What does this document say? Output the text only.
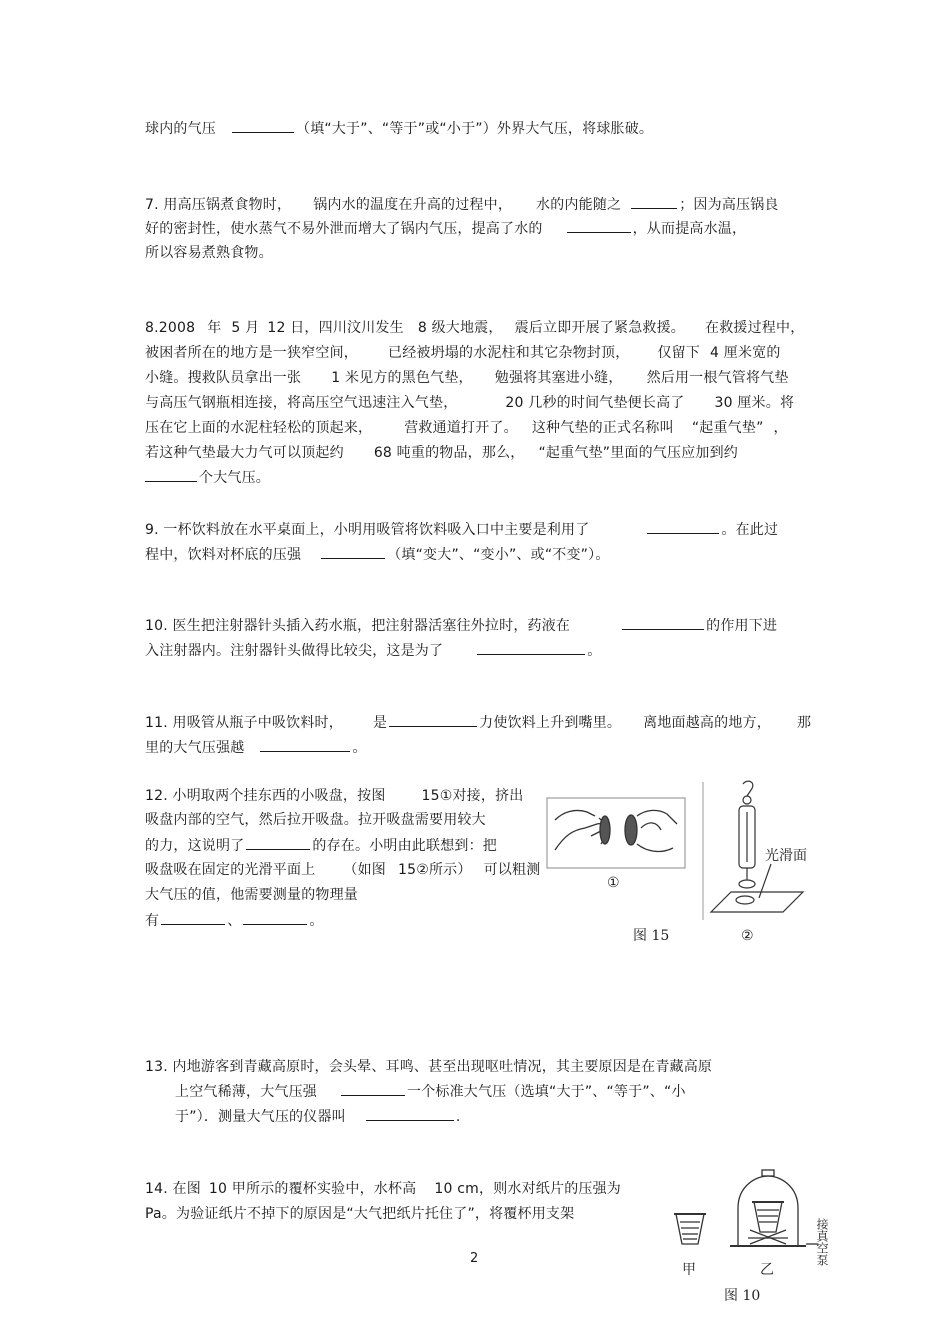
球内的气压	（填“大于”、“等于”或“小于”）外界大气压，将球胀破。
7. 用高压锅煮食物时， 锅内水的温度在升高的过程中， 水的内能随之	；因为高压锅良
好的密封性，使水蒸气不易外泄而增大了锅内气压，提高了水的	，从而提高水温，
所以容易煮熟食物。
8.2008 年 5 月 12 日，四川汶川发生 8 级大地震， 震后立即开展了紧急救援。 在救援过程中，
被困者所在的地方是一狭窄空间， 已经被坍塌的水泥柱和其它杂物封顶， 仅留下 4 厘米宽的
小缝。搜救队员拿出一张 1 米见方的黑色气垫， 勉强将其塞进小缝， 然后用一根气管将气垫
与高压气钢瓶相连接，将高压空气迅速注入气垫，	20 几秒的时间气垫便长高了 30 厘米。将
压在它上面的水泥柱轻松的顶起来， 营救通道打开了。 这种气垫的正式名称叫 “起重气垫” ，
若这种气垫最大力气可以顶起约 68 吨重的物品，那么， “起重气垫”里面的气压应加到约
个大气压。
9. 一杯饮料放在水平桌面上，小明用吸管将饮料吸入口中主要是利用了	。在此过
程中，饮料对杯底的压强	（填“变大”、“变小”、或“不变”）。
10. 医生把注射器针头插入药水瓶，把注射器活塞往外拉时，药液在	的作用下进
入注射器内。注射器针头做得比较尖，这是为了	。
11. 用吸管从瓶子中吸饮料时， 是	力使饮料上升到嘴里。 离地面越高的地方， 那
里的大气压强越	。
12. 小明取两个挂东西的小吸盘，按图	15①对接，挤出
吸盘内部的空气，然后拉开吸盘。拉开吸盘需要用较大
的力，这说明了	的存在。小明由此联想到：把
吸盘吸在固定的光滑平面上 （如图 15②所示） 可以粗测
大气压的值，他需要测量的物理量
有	、	。
①
图 15
光滑面
②
13. 内地游客到青藏高原时，会头晕、耳鸣、甚至出现呕吐情况，其主要原因是在青藏高原
上空气稀薄，大气压强	一个标准大气压（选填“大于”、“等于”、“小
于”）．测量大气压的仪器叫	.
14. 在图 10 甲所示的覆杯实验中，水杯高 10 cm，则水对纸片的压强为
Pa。为验证纸片不掉下的原因是“大气把纸片托住了”，将覆杯用支架
甲	乙
接真空泵
图 10
2
